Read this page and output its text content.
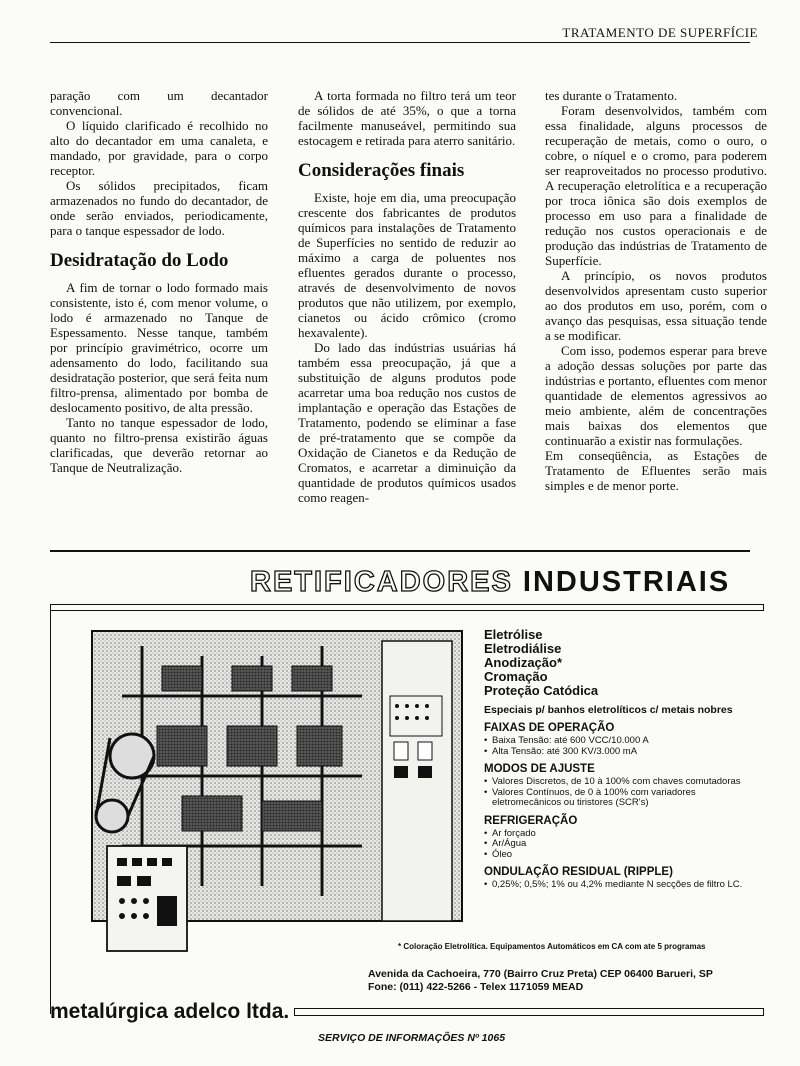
TRATAMENTO DE SUPERFÍCIE

paração com um decantador convencional.

O líquido clarificado é recolhido no alto do decantador em uma canaleta, e mandado, por gravidade, para o corpo receptor.

Os sólidos precipitados, ficam armazenados no fundo do decantador, de onde serão enviados, periodicamente, para o tanque espessador de lodo.

Desidratação do Lodo

A fim de tornar o lodo formado mais consistente, isto é, com menor volume, o lodo é armazenado no Tanque de Espessamento. Nesse tanque, também por princípio gravimétrico, ocorre um adensamento do lodo, facilitando sua desidratação posterior, que será feita num filtro-prensa, alimentado por bomba de deslocamento positivo, de alta pressão.

Tanto no tanque espessador de lodo, quanto no filtro-prensa existirão águas clarificadas, que deverão retornar ao Tanque de Neutralização.

A torta formada no filtro terá um teor de sólidos de até 35%, o que a torna facilmente manuseável, permitindo sua estocagem e retirada para aterro sanitário.

Considerações finais

Existe, hoje em dia, uma preocupação crescente dos fabricantes de produtos químicos para instalações de Tratamento de Superfícies no sentido de reduzir ao máximo a carga de poluentes nos efluentes gerados durante o processo, através de desenvolvimento de novos produtos que não utilizem, por exemplo, cianetos ou ácido crômico (cromo hexavalente).

Do lado das indústrias usuárias há também essa preocupação, já que a substituição de alguns produtos pode acarretar uma boa redução nos custos de implantação e operação das Estações de Tratamento, podendo se eliminar a fase de pré-tratamento que se compõe da Oxidação de Cianetos e da Redução de Cromatos, e acarretar a diminuição da quantidade de produtos químicos usados como reagen-

tes durante o Tratamento.

Foram desenvolvidos, também com essa finalidade, alguns processos de recuperação de metais, como o ouro, o cobre, o níquel e o cromo, para poderem ser reaproveitados no processo produtivo. A recuperação eletrolítica e a recuperação por troca iônica são dois exemplos de processo em uso para a finalidade de redução nos custos operacionais e de produção das indústrias de Tratamento de Superfície.

A princípio, os novos produtos desenvolvidos apresentam custo superior ao dos produtos em uso, porém, com o avanço das pesquisas, essa situação tende a se modificar.

Com isso, podemos esperar para breve a adoção dessas soluções por parte das indústrias e portanto, efluentes com menor quantidade de elementos agressivos ao meio ambiente, além de concentrações mais baixas dos elementos que continuarão a existir nas formulações.

Em conseqüência, as Estações de Tratamento de Efluentes serão mais simples e de menor porte.

RETIFICADORES INDUSTRIAIS

Eletrólise

Eletrodiálise

Anodização*

Cromação

Proteção Catódica

Especiais p/ banhos eletrolíticos c/ metais nobres

FAIXAS DE OPERAÇÃO
• Baixa Tensão: até 600 VCC/10.000 A
• Alta Tensão: até 300 KV/3.000 mA
MODOS DE AJUSTE
• Valores Discretos, de 10 à 100% com chaves comutadoras
• Valores Contínuos, de 0 à 100% com variadores eletromecânicos ou tiristores (SCR's)
REFRIGERAÇÃO
• Ar forçado
• Ar/Água
• Óleo
ONDULAÇÃO RESIDUAL (RIPPLE)
• 0,25%; 0,5%; 1% ou 4,2% mediante N secções de filtro LC.
* Coloração Eletrolítica. Equipamentos Automáticos em CA com ate 5 programas
Avenida da Cachoeira, 770 (Bairro Cruz Preta) CEP 06400 Barueri, SP
Fone: (011) 422-5266 - Telex 1171059 MEAD
metalúrgica adelco ltda.
SERVIÇO DE INFORMAÇÕES Nº 1065
